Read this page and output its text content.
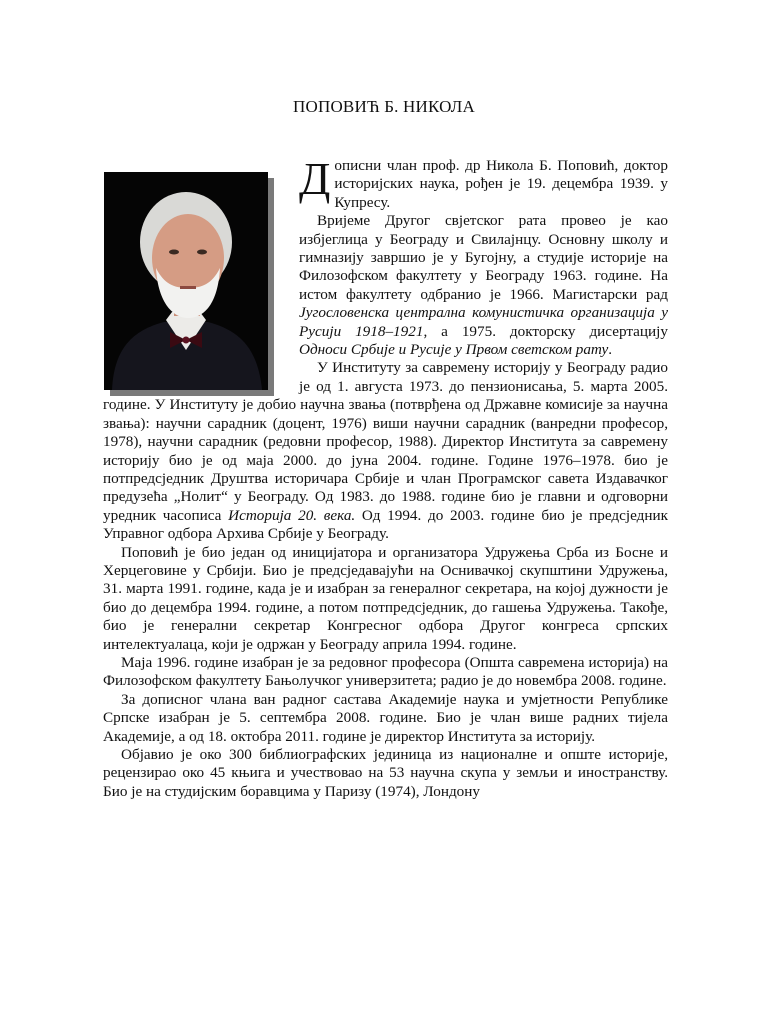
ПОПОВИЋ Б. НИКОЛА

Дописни члан проф. др Никола Б. Поповић, доктор историјских наука, рођен је 19. децембра 1939. у Купресу.

Вријеме Другог свјетског рата провео је као избјеглица у Београду и Свилајнцу. Основну школу и гимназију завршио је у Бугојну, а студије историје на Филозофском факултету у Београду 1963. године. На истом факултету одбранио је 1966. Магистарски рад Југословенска централна комунистичка организација у Русији 1918–1921, а 1975. докторску дисертацију Односи Србије и Русије у Првом светском рату.

У Институту за савремену историју у Београду радио је од 1. августа 1973. до пензионисања, 5. марта 2005. године. У Институту је добио научна звања (потврђена од Државне комисије за научна звања): научни сарадник (доцент, 1976) виши научни сарадник (ванредни професор, 1978), научни сарадник (редовни професор, 1988). Директор Института за савремену историју био је од маја 2000. до јуна 2004. године. Године 1976–1978. био је потпредсједник Друштва историчара Србије и члан Програмског савета Издавачког предузећа „Нолит“ у Београду. Од 1983. до 1988. године био је главни и одговорни уредник часописа Историја 20. века. Од 1994. до 2003. године био је предсједник Управног одбора Архива Србије у Београду.

Поповић је био један од иницијатора и организатора Удружења Срба из Босне и Херцеговине у Србији. Био је предсједавајући на Оснивачкој скупштини Удружења, 31. марта 1991. године, када је и изабран за генералног секретара, на којој дужности је био до децембра 1994. године, а потом потпредсједник, до гашења Удружења. Такође, био је генерални секретар Конгресног одбора Другог конгреса српских интелектуалаца, који је одржан у Београду априла 1994. године.

Маја 1996. године изабран је за редовног професора (Општа савремена историја) на Филозофском факултету Бањолучког универзитета; радио је до новембра 2008. године.

За дописног члана ван радног састава Академије наука и умјетности Републике Српске изабран је 5. септембра 2008. године. Био је члан више радних тијела Академије, а од 18. октобра 2011. године је директор Института за историју.

Објавио је око 300 библиографских јединица из националне и опште историје, рецензирао око 45 књига и учествовао на 53 научна скупа у земљи и иностранству. Био је на студијским боравцима у Паризу (1974), Лондону
